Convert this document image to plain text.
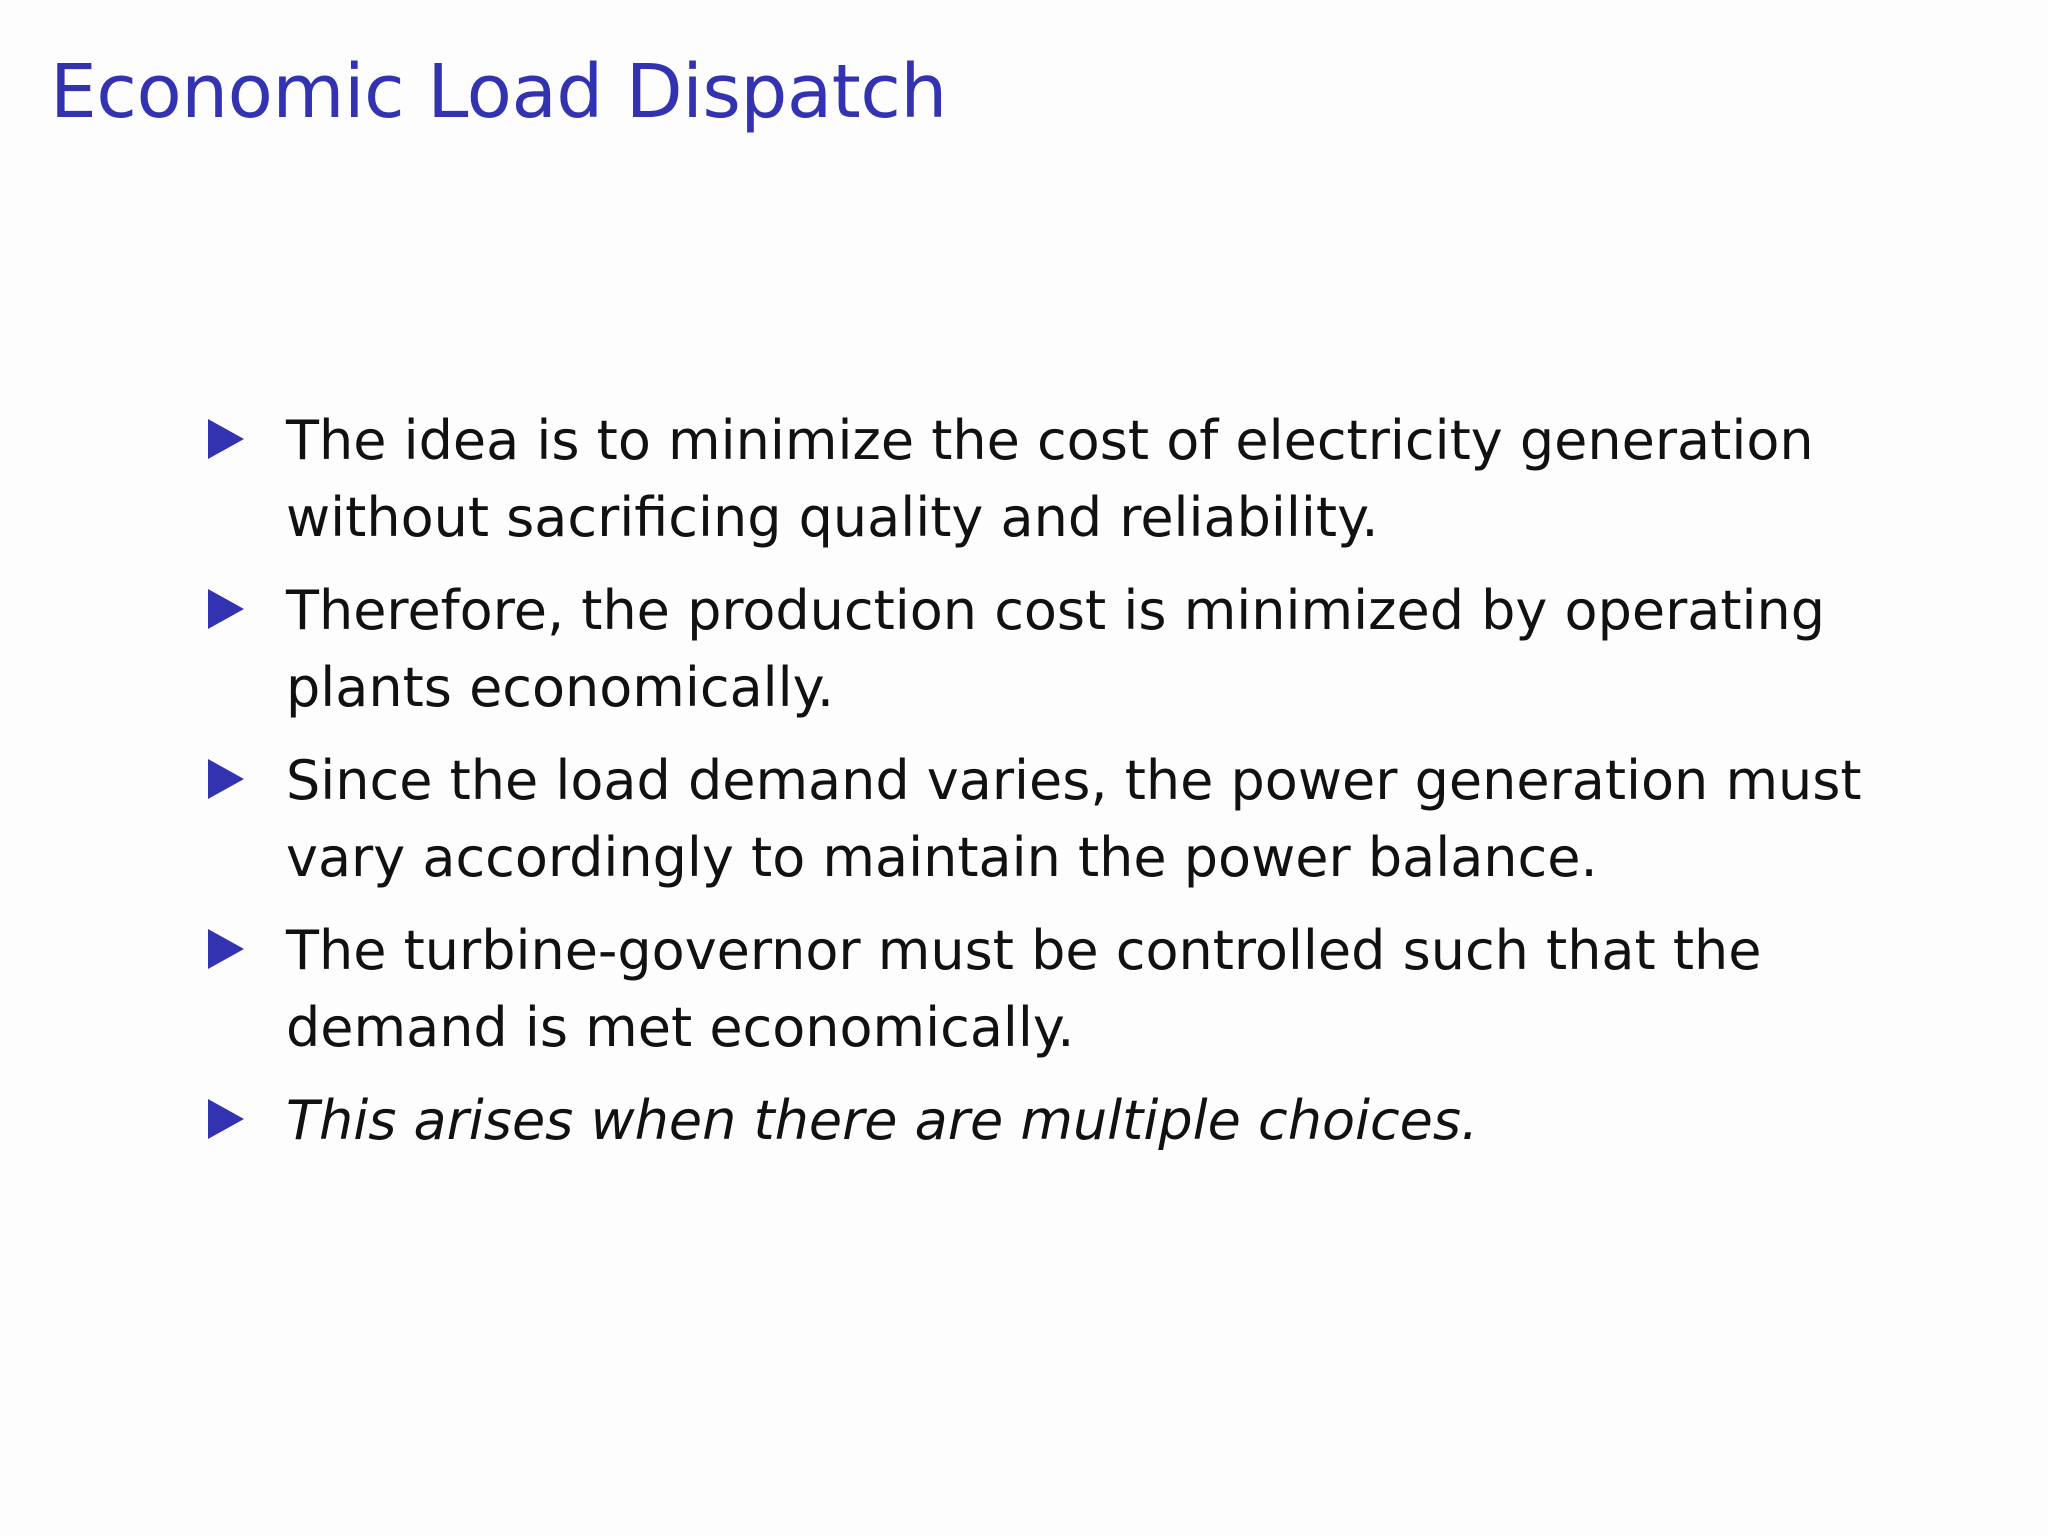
Economic Load Dispatch
The idea is to minimize the cost of electricity generation without sacrificing quality and reliability.
Therefore, the production cost is minimized by operating plants economically.
Since the load demand varies, the power generation must vary accordingly to maintain the power balance.
The turbine-governor must be controlled such that the demand is met economically.
This arises when there are multiple choices.
